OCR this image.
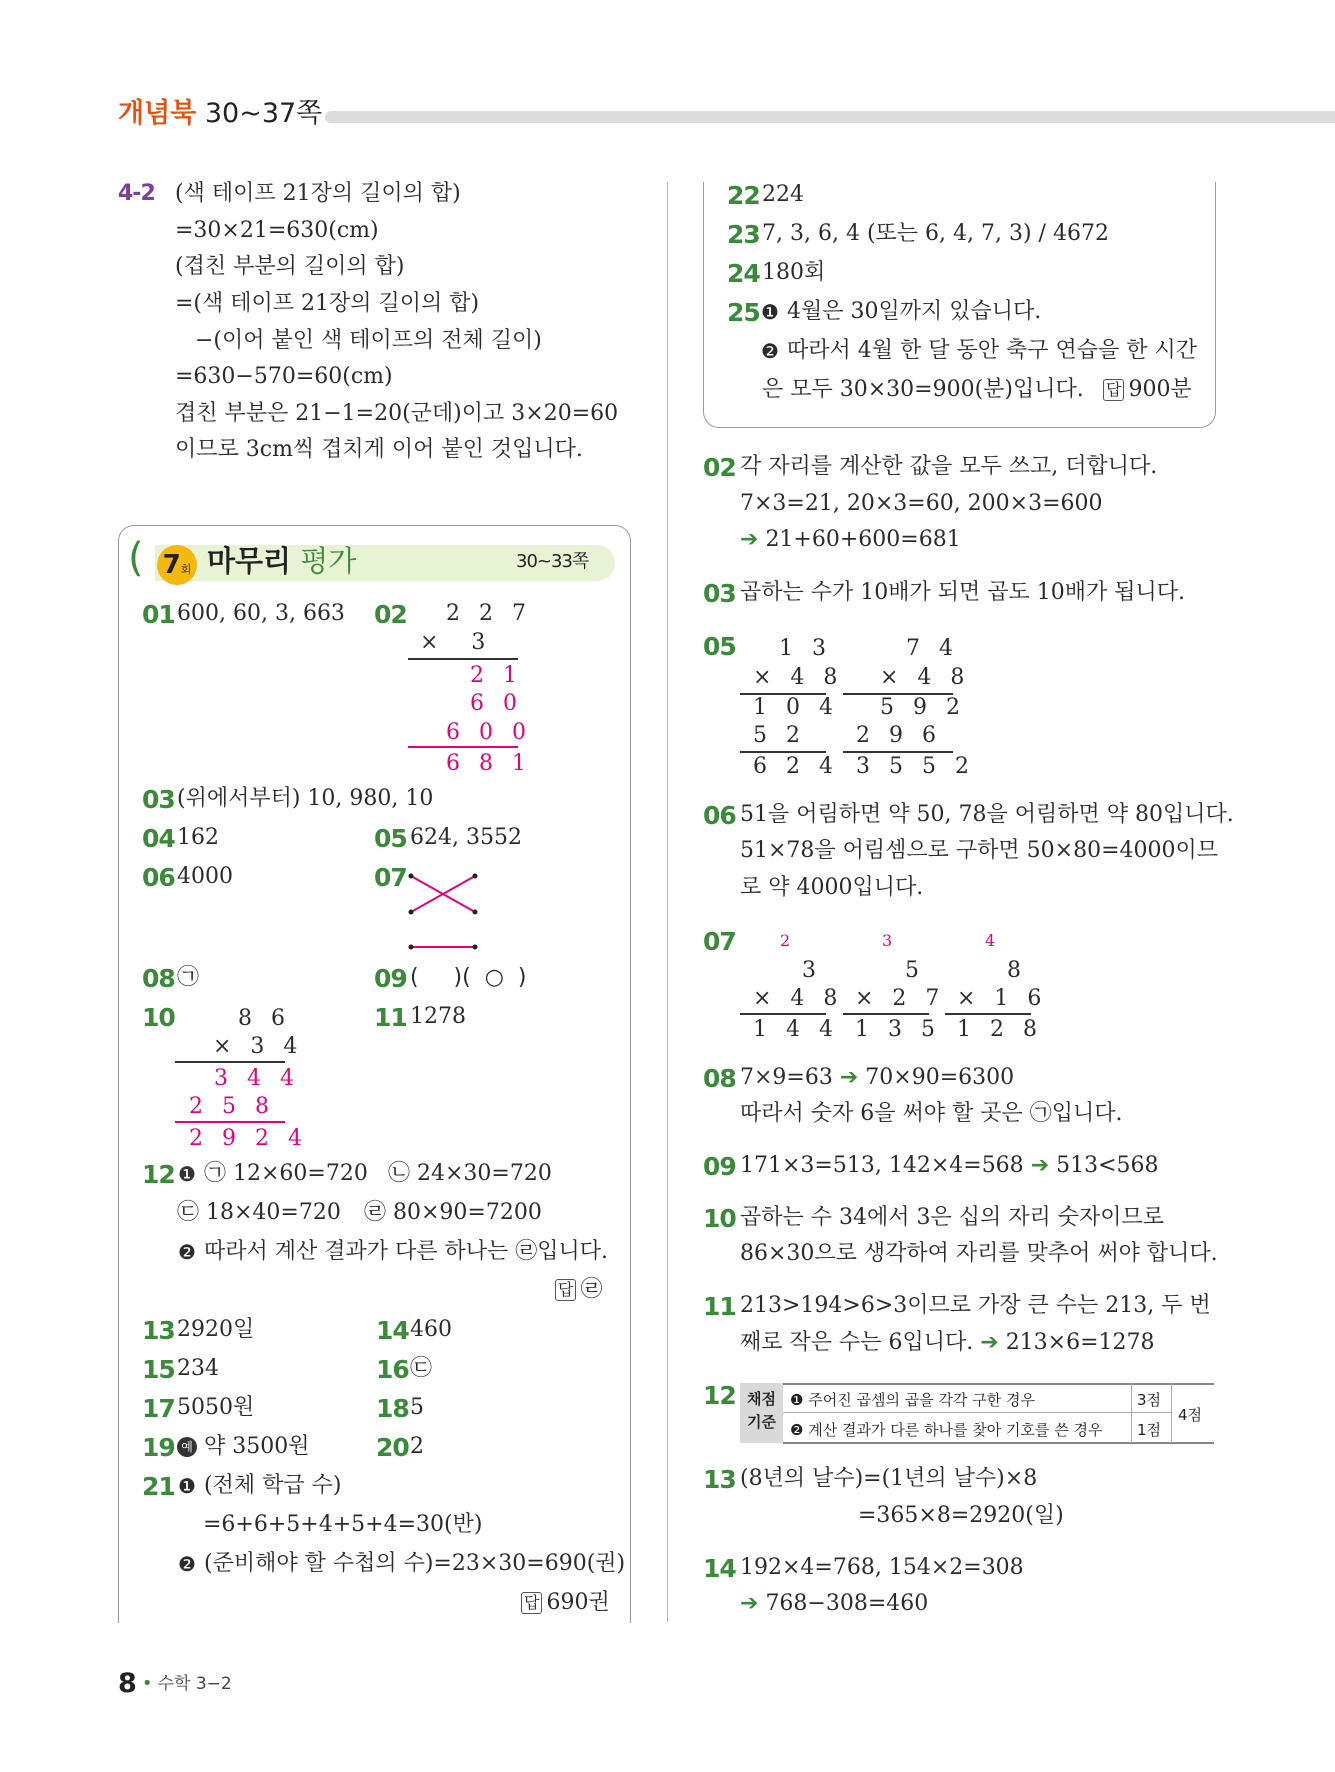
개념북 30~37쪽
4-2 (색 테이프 21장의 길이의 합)
=30×21=630(cm)
(겹친 부분의 길이의 합)
=(색 테이프 21장의 길이의 합)
−(이어 붙인 색 테이프의 전체 길이)
=630−570=60(cm)
겹친 부분은 21−1=20(군데)이고 3×20=60
이므로 3cm씩 겹치게 이어 붙인 것입니다.
( 7회 마무리 평가	30~33쪽
01 600, 60, 3, 663 02 2 2 7
×   3
2 1
6 0
6 0 0
6 8 1
03 (위에서부터) 10, 980, 10
04 162	05 624, 3552
06 4000	07
08 ㉠	09 (     )(  ○  )
10	8 6
× 3 4
3 4 4
2 5 8
2 9 2 4
11 1278
12 ❶ ㉠ 12×60=720 ㉡ 24×30=720
㉢ 18×40=720 ㉣ 80×90=7200
❷ 따라서 계산 결과가 다른 하나는 ㉣입니다.
답 ㉣
13 2920일	14 460
15 234	16 ㉢
17 5050원	18 5
19 예 약 3500원	20 2
21 ❶ (전체 학급 수)
=6+6+5+4+5+4=30(반)
❷ (준비해야 할 수첩의 수)=23×30=690(권)
답 690권
22 224
23 7, 3, 6, 4 (또는 6, 4, 7, 3) / 4672
24 180회
25 ❶ 4월은 30일까지 있습니다.
❷ 따라서 4월 한 달 동안 축구 연습을 한 시간
은 모두 30×30=900(분)입니다. 답 900분
02 각 자리를 계산한 값을 모두 쓰고, 더합니다.
7×3=21, 20×3=60, 200×3=600
➔ 21+60+600=681
03 곱하는 수가 10배가 되면 곱도 10배가 됩니다.
05 1 3
× 4 8
1 0 4
5 2
6 2 4
7 4
× 4 8
5 9 2
2 9 6
3 5 5 2
06 51을 어림하면 약 50, 78을 어림하면 약 80입니다.
51×78을 어림셈으로 구하면 50×80=4000이므
로 약 4000입니다.
07	2
3
× 4 8
1 4 4
3
5
× 2 7
1 3 5
4
8
× 1 6
1 2 8
08 7×9=63 ➔ 70×90=6300
따라서 숫자 6을 써야 할 곳은 ㉠입니다.
09 171×3=513, 142×4=568 ➔ 513<568
10 곱하는 수 34에서 3은 십의 자리 숫자이므로
86×30으로 생각하여 자리를 맞추어 써야 합니다.
11 213>194>6>3이므로 가장 큰 수는 213, 두 번
째로 작은 수는 6입니다. ➔ 213×6=1278
12 채점
기준
❶ 주어진 곱셈의 곱을 각각 구한 경우	3점
❷ 계산 결과가 다른 하나를 찾아 기호를 쓴 경우 1점
4점
13 (8년의 날수)=(1년의 날수)×8
=365×8=2920(일)
14 192×4=768, 154×2=308
➔ 768−308=460
8 • 수학 3−2
